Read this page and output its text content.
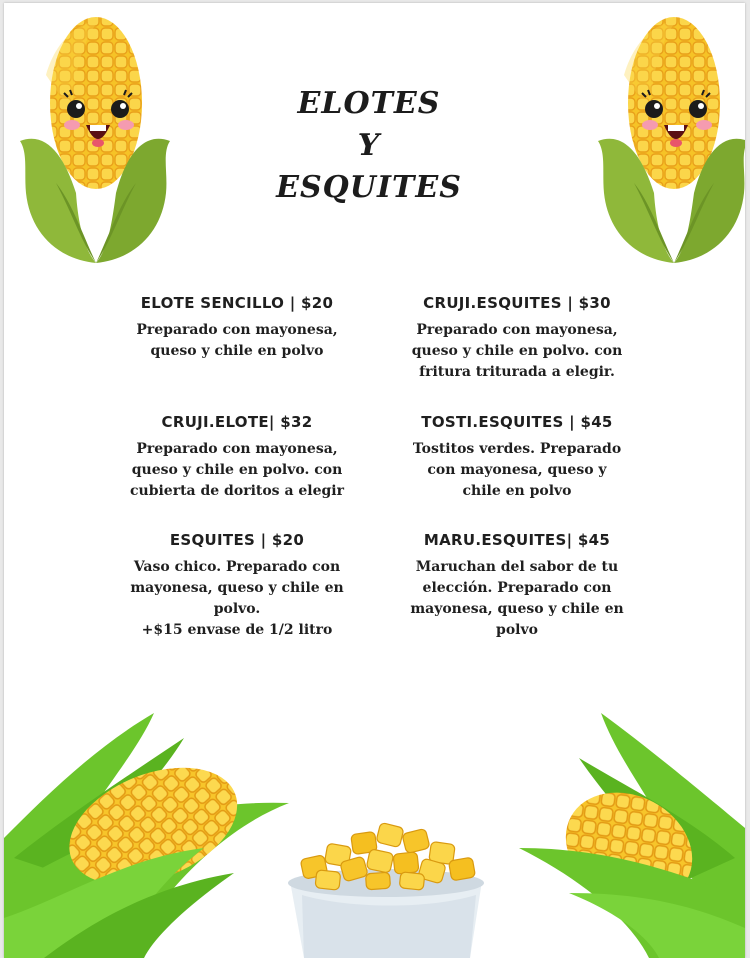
ELOTES
Y
ESQUITES
ELOTE SENCILLO | $20
Preparado con mayonesa,
queso y chile en polvo
CRUJI.ESQUITES | $30
Preparado con mayonesa,
queso y chile en polvo. con
fritura triturada a elegir.
CRUJI.ELOTE| $32
Preparado con mayonesa,
queso y chile en polvo. con
cubierta de doritos a elegir
TOSTI.ESQUITES | $45
Tostitos verdes. Preparado
con mayonesa, queso y
chile en polvo
ESQUITES | $20
Vaso chico. Preparado con
mayonesa, queso y chile en
polvo.
+$15 envase de 1/2 litro
MARU.ESQUITES| $45
Maruchan del sabor de tu
elección. Preparado con
mayonesa, queso y chile en
polvo
